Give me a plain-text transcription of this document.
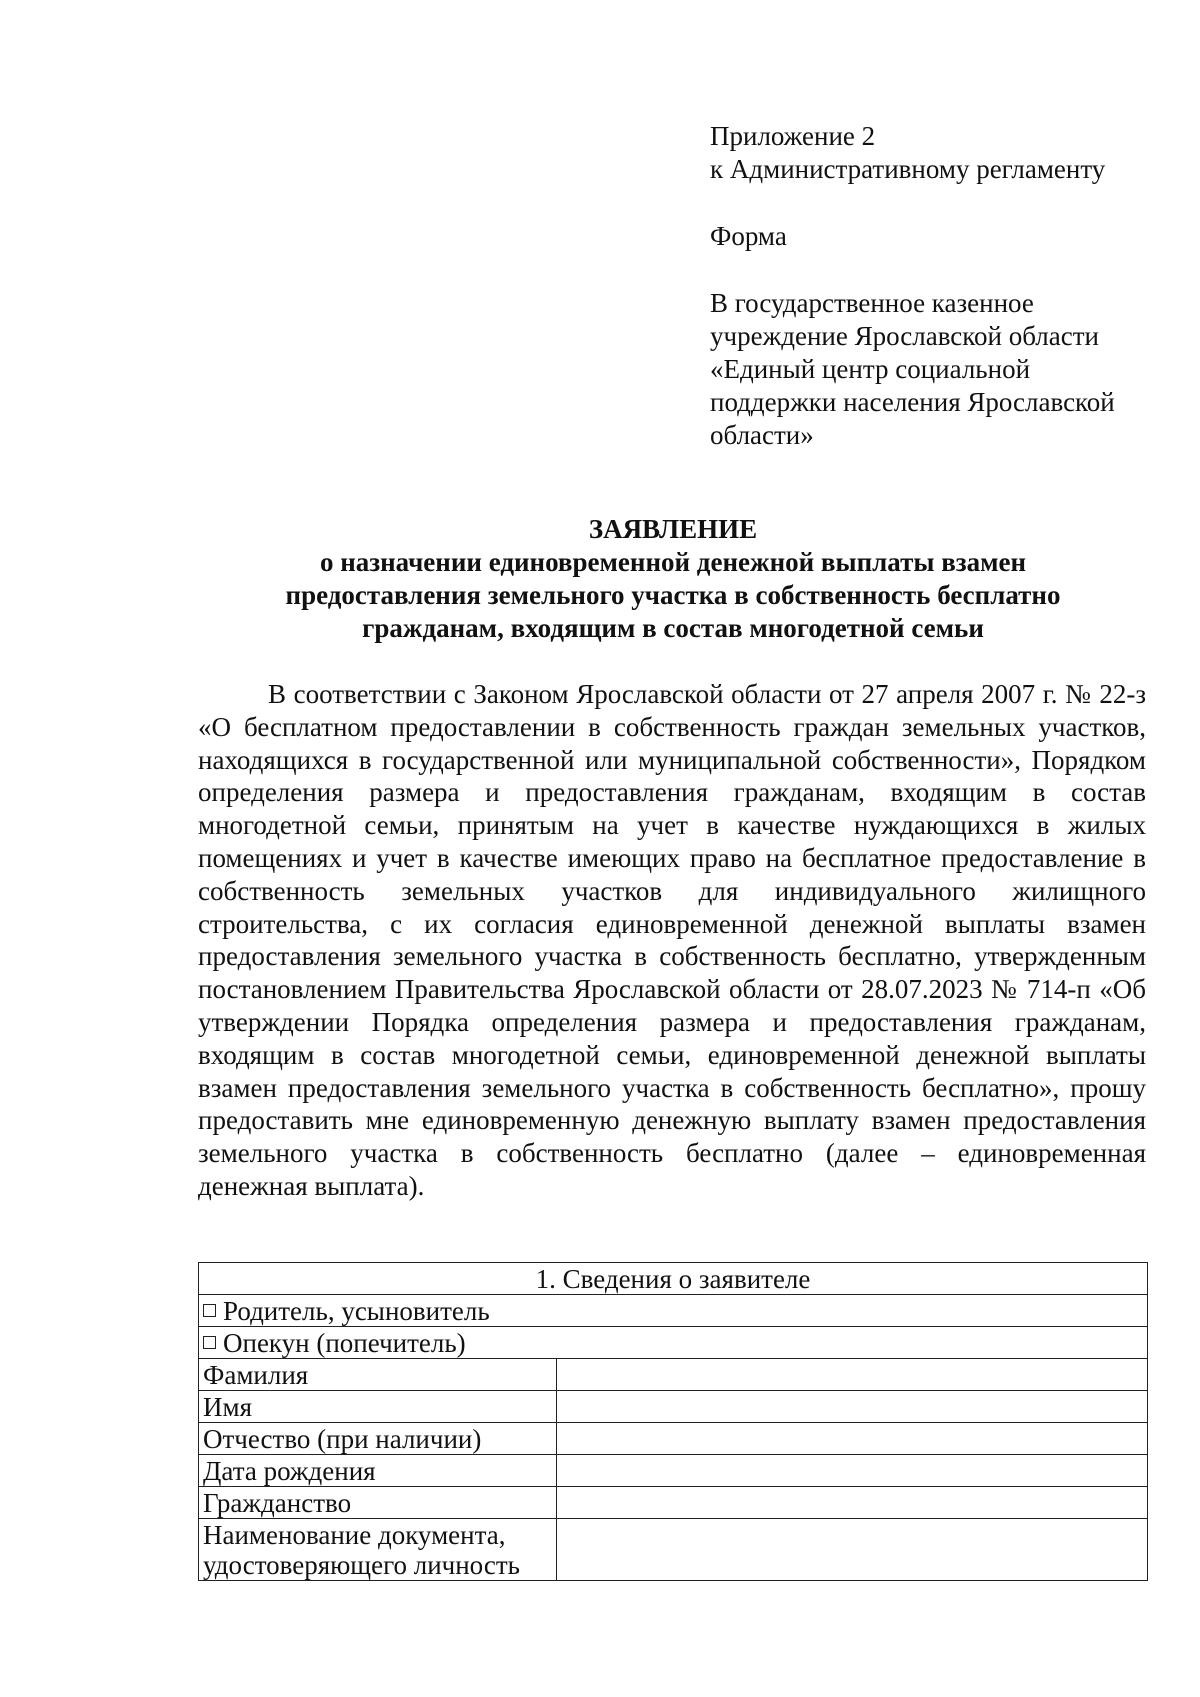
Приложение 2
к Административному регламенту
Форма
В государственное казенное
учреждение Ярославской области
«Единый центр социальной
поддержки населения Ярославской
области»
ЗАЯВЛЕНИЕ
о назначении единовременной денежной выплаты взамен
предоставления земельного участка в собственность бесплатно
гражданам, входящим в состав многодетной семьи

В соответствии с Законом Ярославской области от 27 апреля 2007 г. № 22-з «О бесплатном предоставлении в собственность граждан земельных участков, находящихся в государственной или муниципальной собственности», Порядком определения размера и предоставления гражданам, входящим в состав многодетной семьи, принятым на учет в качестве нуждающихся в жилых помещениях и учет в качестве имеющих право на бесплатное предоставление в собственность земельных участков для индивидуального жилищного строительства, с их согласия единовременной денежной выплаты взамен предоставления земельного участка в собственность бесплатно, утвержденным постановлением Правительства Ярославской области от 28.07.2023 № 714-п «Об утверждении Порядка определения размера и предоставления гражданам, входящим в состав многодетной семьи, единовременной денежной выплаты взамен предоставления земельного участка в собственность бесплатно», прошу предоставить мне единовременную денежную выплату взамен предоставления земельного участка в собственность бесплатно (далее – единовременная денежная выплата).

1. Сведения о заявителе	
Родитель, усыновитель	
Опекун (попечитель)	
Фамилия	
Имя	
Отчество (при наличии)	
Дата рождения	
Гражданство	
Наименование документа, удостоверяющего личность	
